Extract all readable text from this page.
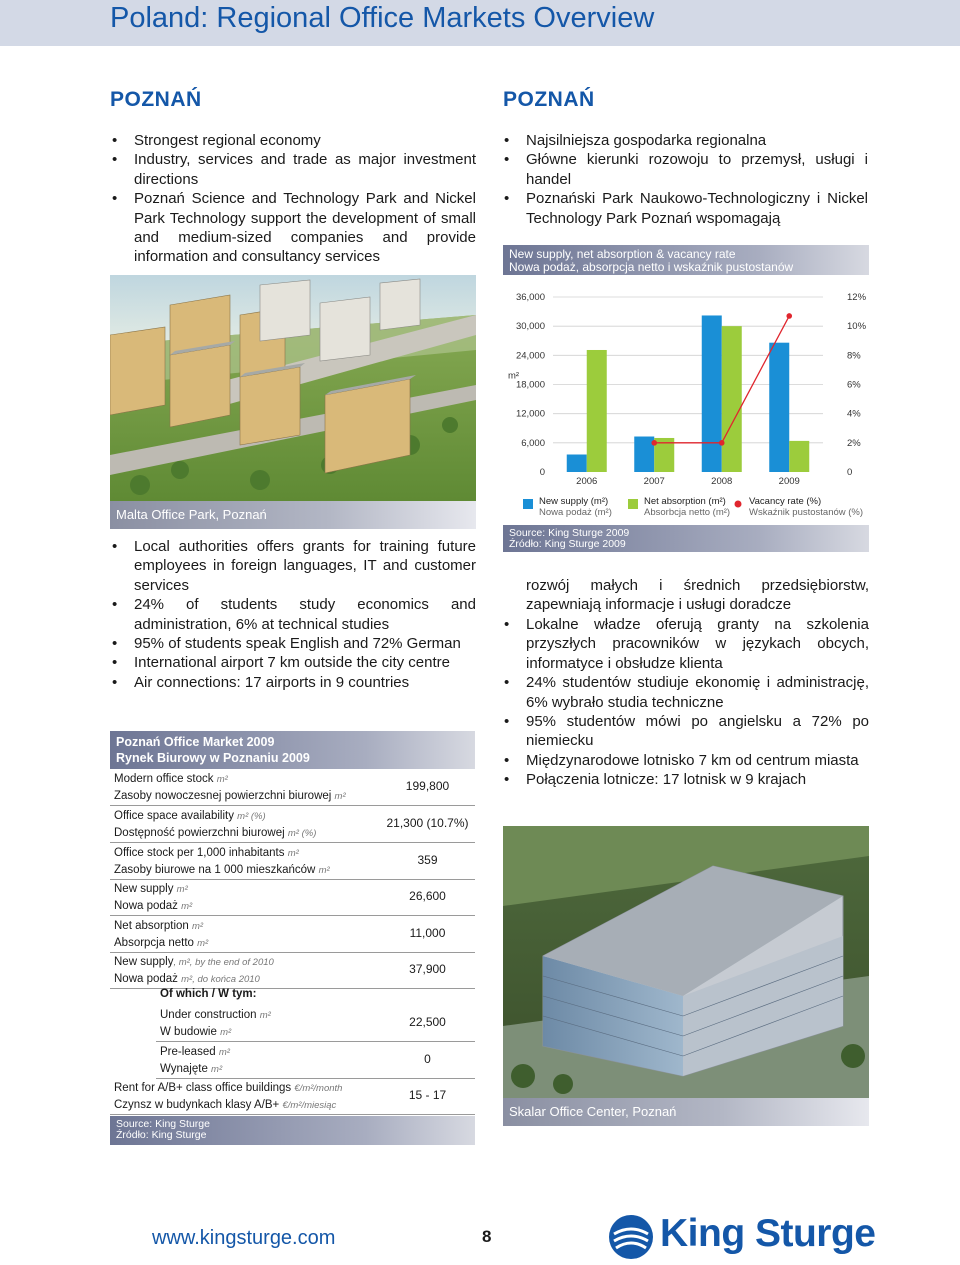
Poland: Regional Office Markets Overview
POZNAŃ
• Strongest regional economy
• Industry, services and trade as major investment directions
• Poznań Science and Technology Park and Nickel Park Technology support the development of small and medium-sized companies and provide information and consultancy services
Malta Office Park, Poznań
• Local authorities offers grants for training future employees in foreign languages, IT and customer services
• 24% of students study economics and administration, 6% at technical studies
• 95% of students speak English and 72% German
• International airport 7 km outside the city centre
• Air connections: 17 airports in 9 countries
Poznań Office Market 2009
Rynek Biurowy w Poznaniu 2009
Modern office stock m²
Zasoby nowoczesnej powierzchni biurowej m²
199,800
Office space availability m² (%)
Dostępność powierzchni biurowej m² (%)
21,300 (10.7%)
Office stock per 1,000 inhabitants m²
Zasoby biurowe na 1 000 mieszkańców m²
359
New supply m²
Nowa podaż m²
26,600
Net absorption m²
Absorpcja netto m²
11,000
New supply, m², by the end of 2010
Nowa podaż m², do końca 2010
37,900
Of which / W tym:
Under construction m²
W budowie m²
22,500
Pre-leased m²
Wynajęte m²
0
Rent for A/B+ class office buildings €/m²/month
Czynsz w budynkach klasy A/B+ €/m²/miesiąc
15 - 17
Source: King Sturge
Źródło: King Sturge
POZNAŃ
• Najsilniejsza gospodarka regionalna
• Główne kierunki rozowoju to przemysł, usługi i handel
• Poznański Park Naukowo-Technologiczny i Nickel Technology Park Poznań wspomagają
New supply, net absorption & vacancy rate
Nowa podaż, absorpcja netto i wskaźnik pustostanów
0	0
6,000	2%
12,000	4%
18,000	6%
24,000	8%
30,000	10%
36,000	12%
m²
2006	2007	2008	2009
New supply (m²)
Nowa podaż (m²)
Net absorption (m²)
Absorbcja netto (m²)
Vacancy rate (%)
Wskaźnik pustostanów (%)
Source: King Sturge 2009
Źródło: King Sturge 2009
rozwój małych i średnich przedsiębiorstw, zapewniają informacje i usługi doradcze
• Lokalne władze oferują granty na szkolenia przyszłych pracowników w językach obcych, informatyce i obsłudze klienta
• 24% studentów studiuje ekonomię i administrację, 6% wybrało studia techniczne
• 95% studentów mówi po angielsku a 72% po niemiecku
• Międzynarodowe lotnisko 7 km od centrum miasta
• Połączenia lotnicze: 17 lotnisk w 9 krajach
Skalar Office Center, Poznań
www.kingsturge.com	8	King Sturge
